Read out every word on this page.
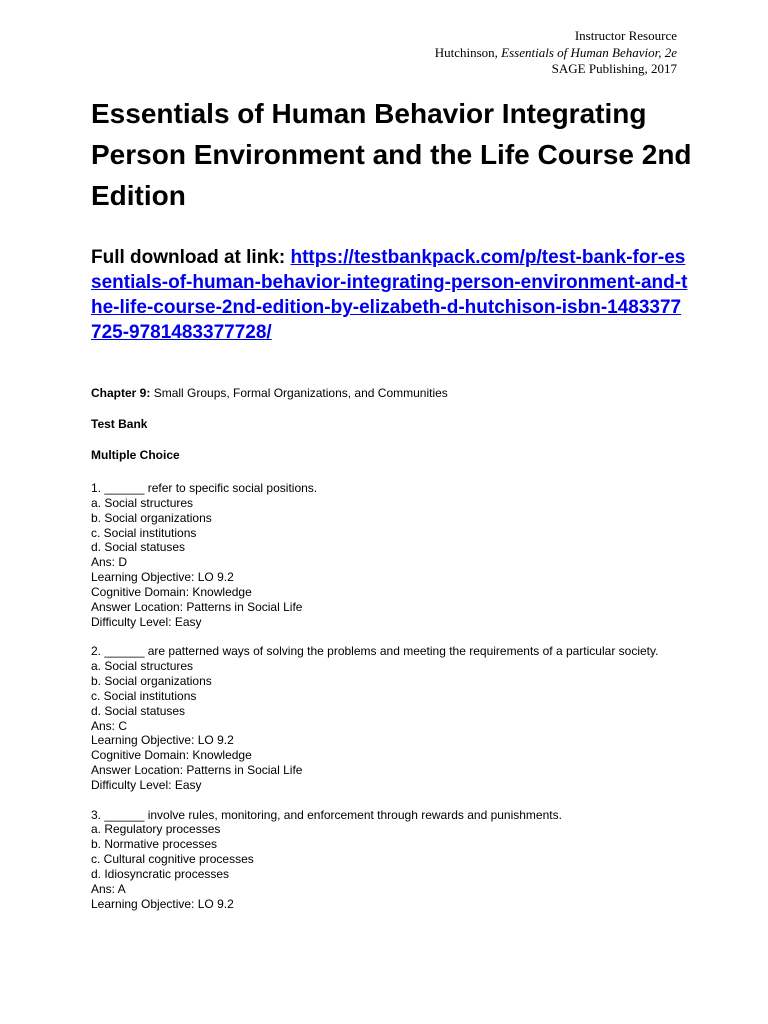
Instructor Resource
Hutchinson, Essentials of Human Behavior, 2e
SAGE Publishing, 2017
Essentials of Human Behavior Integrating Person Environment and the Life Course 2nd Edition
Full download at link: https://testbankpack.com/p/test-bank-for-essentials-of-human-behavior-integrating-person-environment-and-the-life-course-2nd-edition-by-elizabeth-d-hutchison-isbn-1483377725-9781483377728/
Chapter 9: Small Groups, Formal Organizations, and Communities
Test Bank
Multiple Choice
1. ______ refer to specific social positions.
a. Social structures
b. Social organizations
c. Social institutions
d. Social statuses
Ans: D
Learning Objective: LO 9.2
Cognitive Domain: Knowledge
Answer Location: Patterns in Social Life
Difficulty Level: Easy
2. ______ are patterned ways of solving the problems and meeting the requirements of a particular society.
a. Social structures
b. Social organizations
c. Social institutions
d. Social statuses
Ans: C
Learning Objective: LO 9.2
Cognitive Domain: Knowledge
Answer Location: Patterns in Social Life
Difficulty Level: Easy
3. ______ involve rules, monitoring, and enforcement through rewards and punishments.
a. Regulatory processes
b. Normative processes
c. Cultural cognitive processes
d. Idiosyncratic processes
Ans: A
Learning Objective: LO 9.2
